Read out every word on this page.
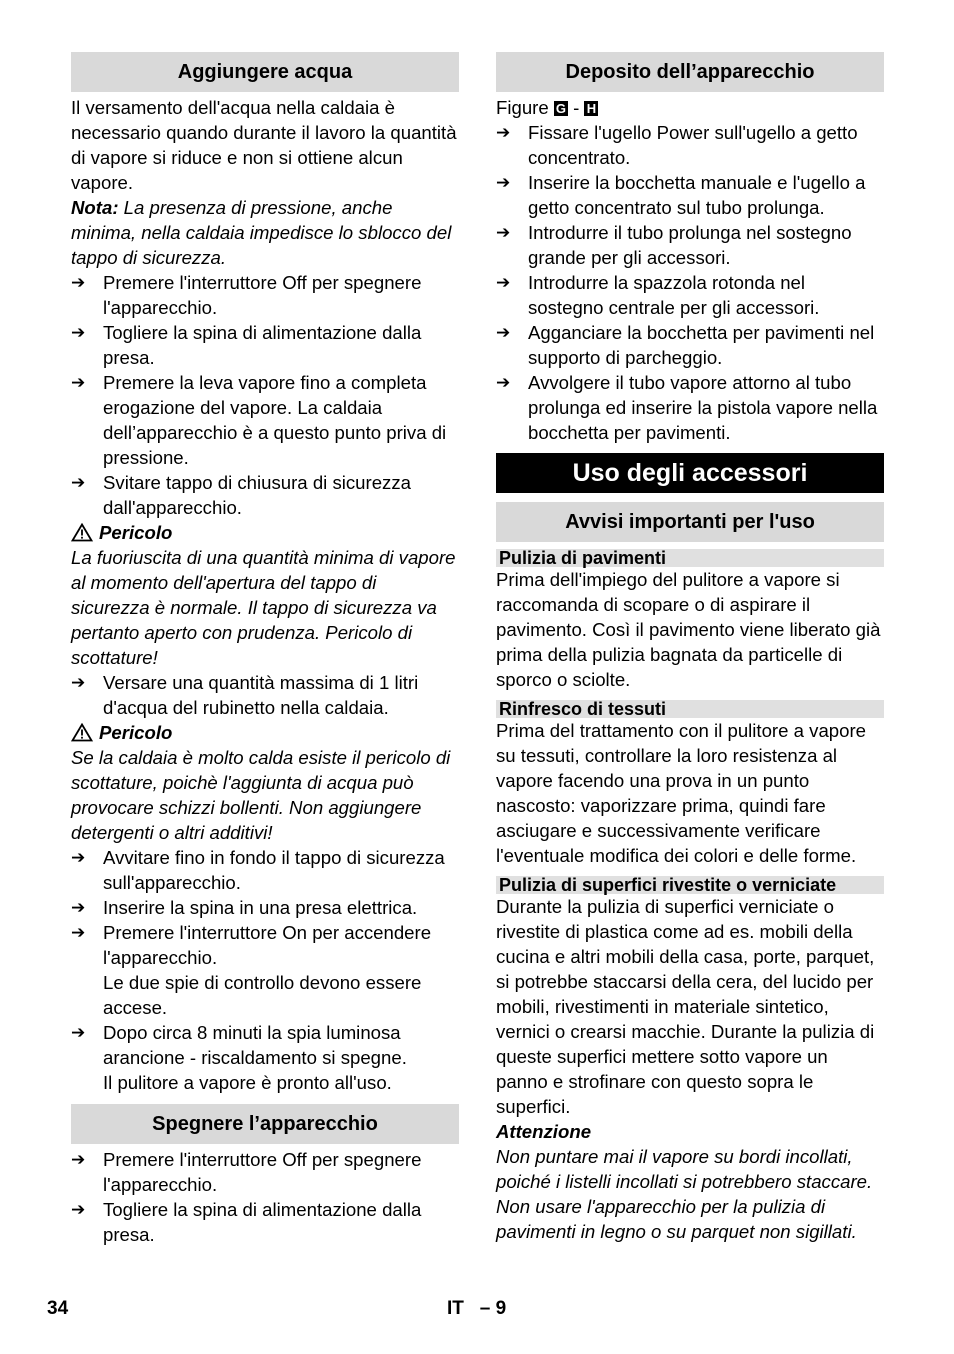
Aggiungere acqua

Il versamento dell'acqua nella caldaia è necessario quando durante il lavoro la quantità di vapore si riduce e non si ottiene alcun vapore.

Nota: La presenza di pressione, anche minima, nella caldaia impedisce lo sblocco del tappo di sicurezza.

➔ Premere l'interruttore Off per spegnere l'apparecchio.
➔ Togliere la spina di alimentazione dalla presa.
➔ Premere la leva vapore fino a completa erogazione del vapore. La caldaia dell’apparecchio è a questo punto priva di pressione.
➔ Svitare tappo di chiusura di sicurezza dall'apparecchio.
Pericolo

La fuoriuscita di una quantità minima di vapore al momento dell'apertura del tappo di sicurezza è normale. Il tappo di sicurezza va pertanto aperto con prudenza. Pericolo di scottature!

➔ Versare una quantità massima di 1 litri d'acqua del rubinetto nella caldaia.
Pericolo

Se la caldaia è molto calda esiste il pericolo di scottature, poichè l'aggiunta di acqua può provocare schizzi bollenti. Non aggiungere detergenti o altri additivi!

➔ Avvitare fino in fondo il tappo di sicurezza sull'apparecchio.
➔ Inserire la spina in una presa elettrica.
➔ Premere l'interruttore On per accendere l'apparecchio.
Le due spie di controllo devono essere accese.
➔ Dopo circa 8 minuti la spia luminosa arancione - riscaldamento si spegne.
Il pulitore a vapore è pronto all'uso.
Spegnere l’apparecchio
➔ Premere l'interruttore Off per spegnere l'apparecchio.
➔ Togliere la spina di alimentazione dalla presa.
Deposito dell’apparecchio

Figure G - H

➔ Fissare l'ugello Power sull'ugello a getto concentrato.
➔ Inserire la bocchetta manuale e l'ugello a getto concentrato sul tubo prolunga.
➔ Introdurre il tubo prolunga nel sostegno grande per gli accessori.
➔ Introdurre la spazzola rotonda nel sostegno centrale per gli accessori.
➔ Agganciare la bocchetta per pavimenti nel supporto di parcheggio.
➔ Avvolgere il tubo vapore attorno al tubo prolunga ed inserire la pistola vapore nella bocchetta per pavimenti.
Uso degli accessori
Avvisi importanti per l'uso
Pulizia di pavimenti

Prima dell'impiego del pulitore a vapore si raccomanda di scopare o di aspirare il pavimento. Così il pavimento viene liberato già prima della pulizia bagnata da particelle di sporco o sciolte.

Rinfresco di tessuti

Prima del trattamento con il pulitore a vapore su tessuti, controllare la loro resistenza al vapore facendo una prova in un punto nascosto: vaporizzare prima, quindi fare asciugare e successivamente verificare l'eventuale modifica dei colori e delle forme.

Pulizia di superfici rivestite o verniciate

Durante la pulizia di superfici verniciate o rivestite di plastica come ad es. mobili della cucina e altri mobili della casa, porte, parquet, si potrebbe staccarsi della cera, del lucido per mobili, rivestimenti in materiale sintetico, vernici o crearsi macchie. Durante la pulizia di queste superfici mettere sotto vapore un panno e strofinare con questo sopra le superfici.

Attenzione

Non puntare mai il vapore su bordi incollati, poiché i listelli incollati si potrebbero staccare. Non usare l'apparecchio per la pulizia di pavimenti in legno o su parquet non sigillati.

34	IT – 9
